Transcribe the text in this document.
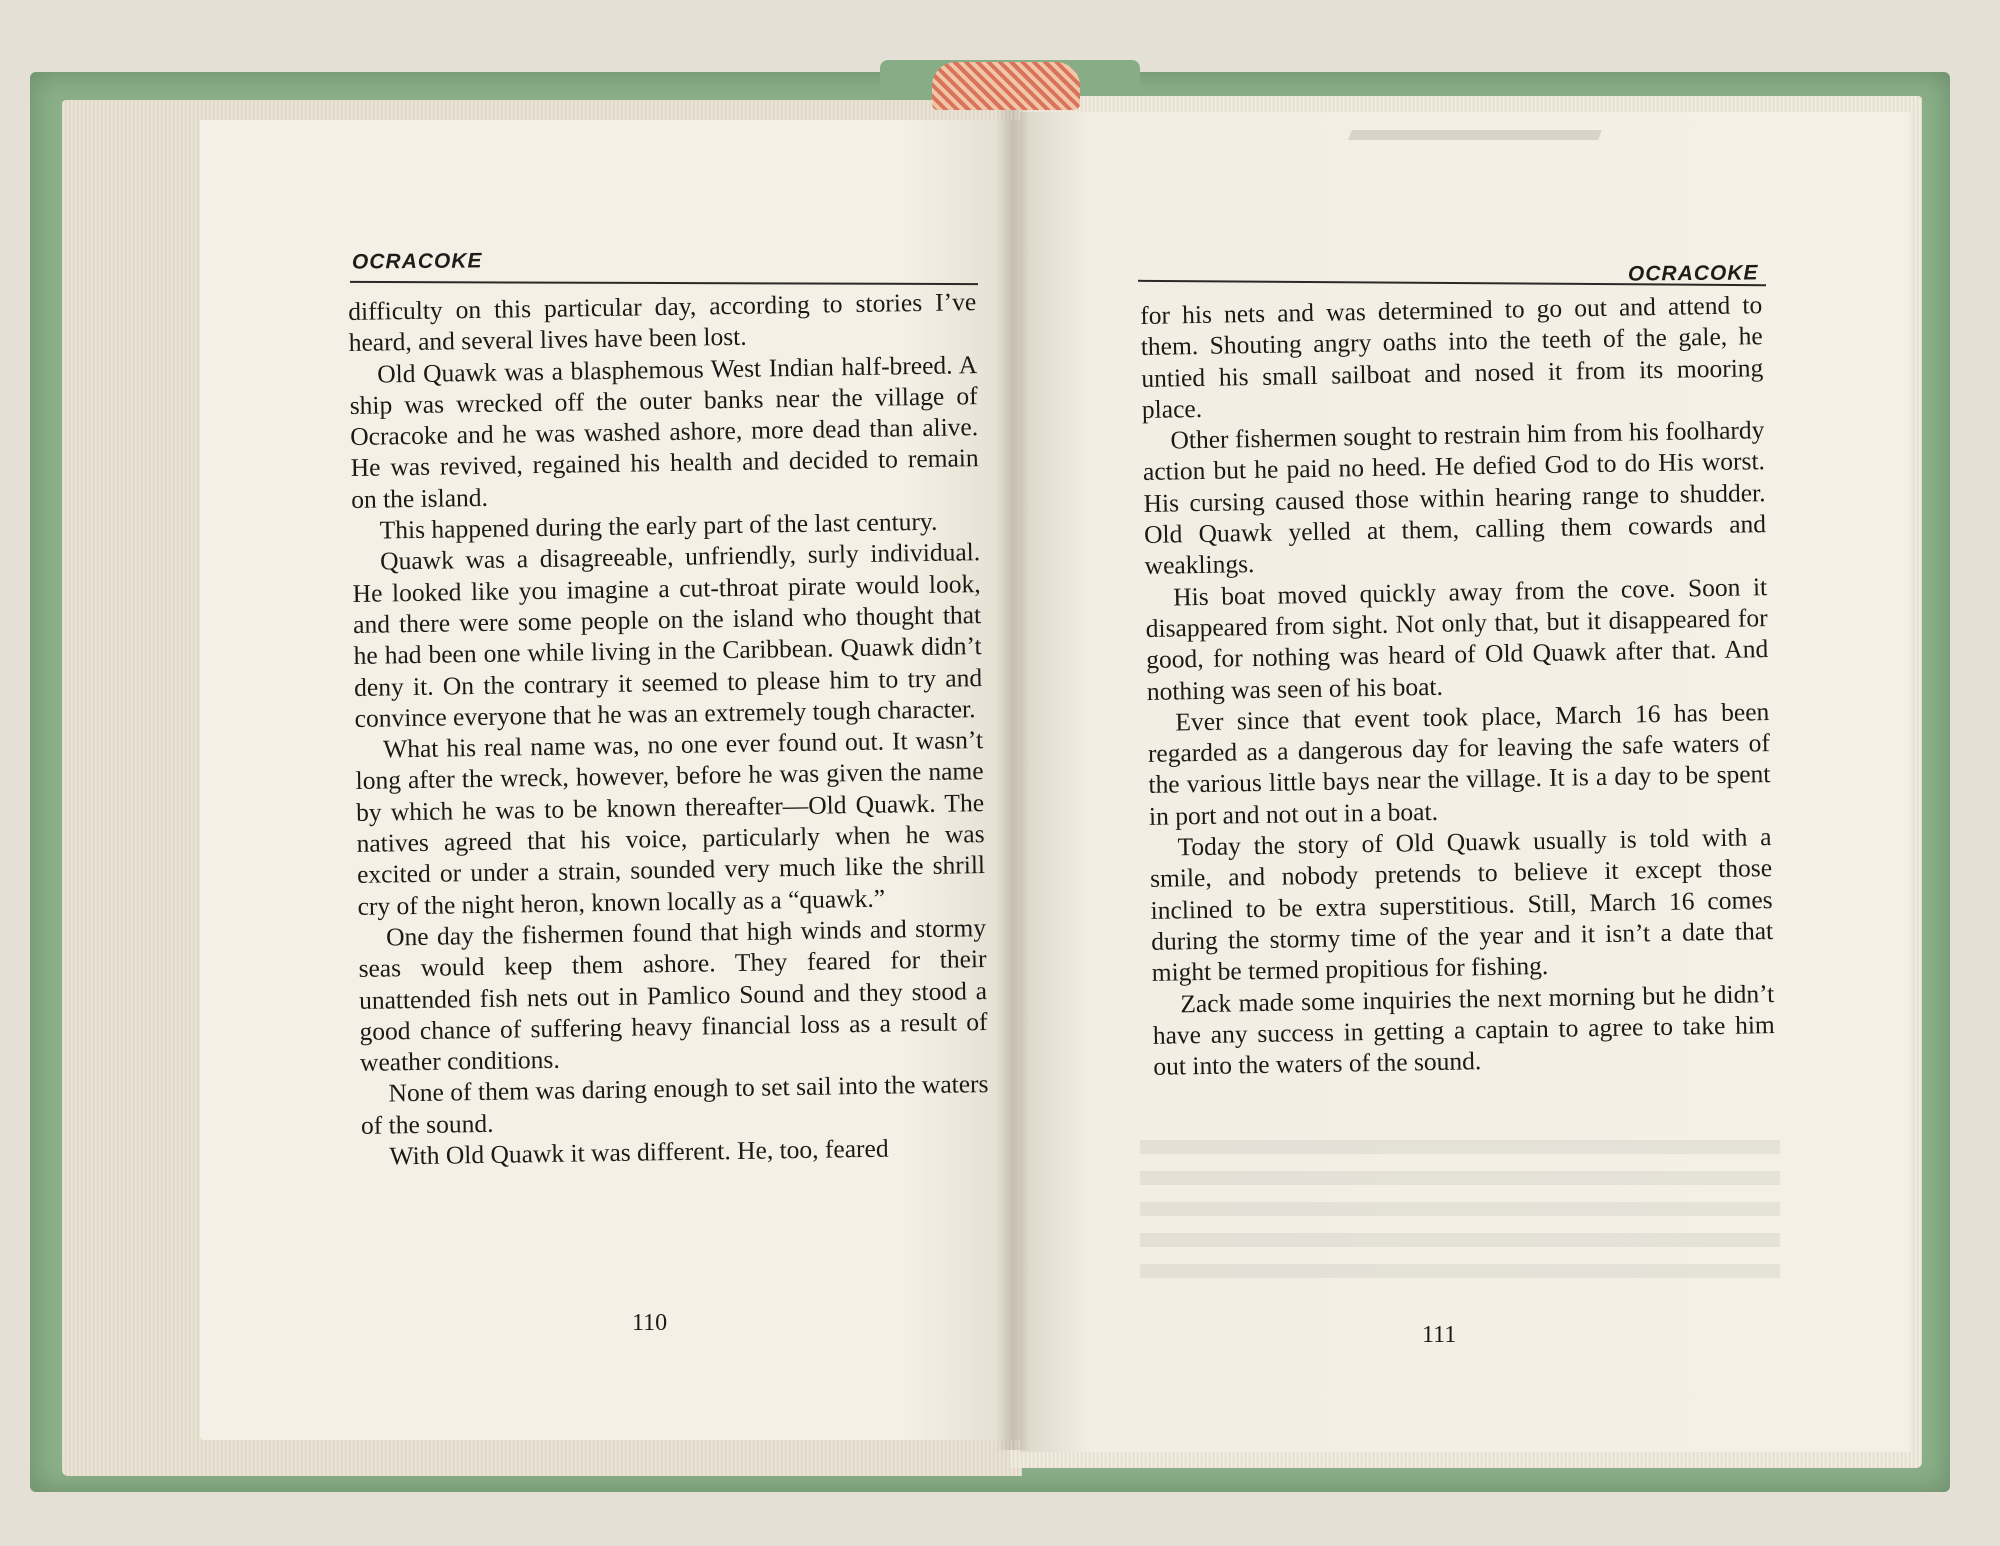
OCRACOKE

difficulty on this particular day, according to stories I’ve heard, and several lives have been lost.

Old Quawk was a blasphemous West Indian half-breed. A ship was wrecked off the outer banks near the village of Ocracoke and he was washed ashore, more dead than alive. He was revived, regained his health and decided to remain on the island.

This happened during the early part of the last century.

Quawk was a disagreeable, unfriendly, surly individual. He looked like you imagine a cut-throat pirate would look, and there were some people on the island who thought that he had been one while living in the Caribbean. Quawk didn’t deny it. On the contrary it seemed to please him to try and convince everyone that he was an extremely tough character.

What his real name was, no one ever found out. It wasn’t long after the wreck, however, before he was given the name by which he was to be known thereafter—Old Quawk. The natives agreed that his voice, particularly when he was excited or under a strain, sounded very much like the shrill cry of the night heron, known locally as a “quawk.”

One day the fishermen found that high winds and stormy seas would keep them ashore. They feared for their unattended fish nets out in Pamlico Sound and they stood a good chance of suffering heavy financial loss as a result of weather conditions.

None of them was daring enough to set sail into the waters of the sound.

With Old Quawk it was different. He, too, feared

110
OCRACOKE

for his nets and was determined to go out and attend to them. Shouting angry oaths into the teeth of the gale, he untied his small sailboat and nosed it from its mooring place.

Other fishermen sought to restrain him from his foolhardy action but he paid no heed. He defied God to do His worst. His cursing caused those within hearing range to shudder. Old Quawk yelled at them, calling them cowards and weaklings.

His boat moved quickly away from the cove. Soon it disappeared from sight. Not only that, but it disappeared for good, for nothing was heard of Old Quawk after that. And nothing was seen of his boat.

Ever since that event took place, March 16 has been regarded as a dangerous day for leaving the safe waters of the various little bays near the village. It is a day to be spent in port and not out in a boat.

Today the story of Old Quawk usually is told with a smile, and nobody pretends to believe it except those inclined to be extra superstitious. Still, March 16 comes during the stormy time of the year and it isn’t a date that might be termed propitious for fishing.

Zack made some inquiries the next morning but he didn’t have any success in getting a captain to agree to take him out into the waters of the sound.

111
